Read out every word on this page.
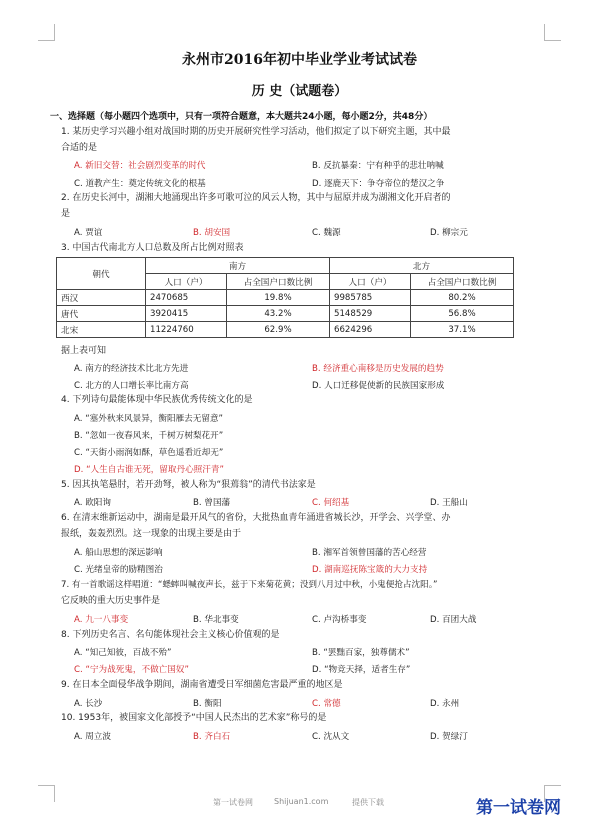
永州市2016年初中毕业学业考试试卷
历 史（试题卷）
一、选择题（每小题四个选项中，只有一项符合题意，本大题共24小题，每小题2分，共48分）
1. 某历史学习兴趣小组对战国时期的历史开展研究性学习活动，他们拟定了以下研究主题，其中最
合适的是
A. 新旧交替：社会剧烈变革的时代	B. 反抗暴秦：宁有种乎的悲壮呐喊
C. 道教产生：奠定传统文化的根基	D. 逐鹿天下：争夺帝位的楚汉之争
2. 在历史长河中，湖湘大地涌现出许多可歌可泣的风云人物，其中与屈原并成为湖湘文化开启者的
是
A. 贾谊	B. 胡安国	C. 魏源	D. 柳宗元
3. 中国古代南北方人口总数及所占比例对照表
朝代	南方		北方	
	人口（户）	占全国户口数比例	人口（户）	占全国户口数比例
西汉	2470685	19.8%	9985785	80.2%
唐代	3920415	43.2%	5148529	56.8%
北宋	11224760	62.9%	6624296	37.1%
据上表可知
A. 南方的经济技术比北方先进	B. 经济重心南移是历史发展的趋势
C. 北方的人口增长率比南方高	D. 人口迁移促使新的民族国家形成
4. 下列诗句最能体现中华民族优秀传统文化的是
A. “塞外秋来风景异，衡阳雁去无留意”
B. “忽如一夜春风来，千树万树梨花开”
C. “天街小雨润如酥，草色遥看近却无”
D. “人生自古谁无死，留取丹心照汗青”
5. 因其执笔悬肘，若开劲弩，被人称为“狠蔫翁”的清代书法家是
A. 欧阳询	B. 曾国藩	C. 何绍基	D. 王船山
6. 在清末维新运动中，湖南是最开风气的省份，大批热血青年涌进省城长沙，开学会、兴学堂、办
报纸，轰轰烈烈。这一现象的出现主要是由于
A. 船山思想的深远影响	B. 湘军首领曾国藩的苦心经营
C. 光绪皇帝的励精图治	D. 湖南巡抚陈宝箴的大力支持
7. 有一首歌谣这样唱道：“蟋蟀叫喊夜声长，兹于下来菊花黄；没到八月过中秋，小鬼便抢占沈阳。”
它反映的重大历史事件是
A. 九一八事变	B. 华北事变	C. 卢沟桥事变	D. 百团大战
8. 下列历史名言、名句能体现社会主义核心价值观的是
A. “知己知彼，百战不殆”	B. “罢黜百家，独尊儒术”
C. “宁为战死鬼，不做亡国奴”	D. “物竞天择，适者生存”
9. 在日本全面侵华战争期间，湖南省遭受日军细菌危害最严重的地区是
A. 长沙	B. 衡阳	C. 常德	D. 永州
10. 1953年，被国家文化部授予“中国人民杰出的艺术家”称号的是
A. 周立波	B. 齐白石	C. 沈从文	D. 贺绿汀
第一试卷网	Shijuan1.com	提供下载	第一试卷网
